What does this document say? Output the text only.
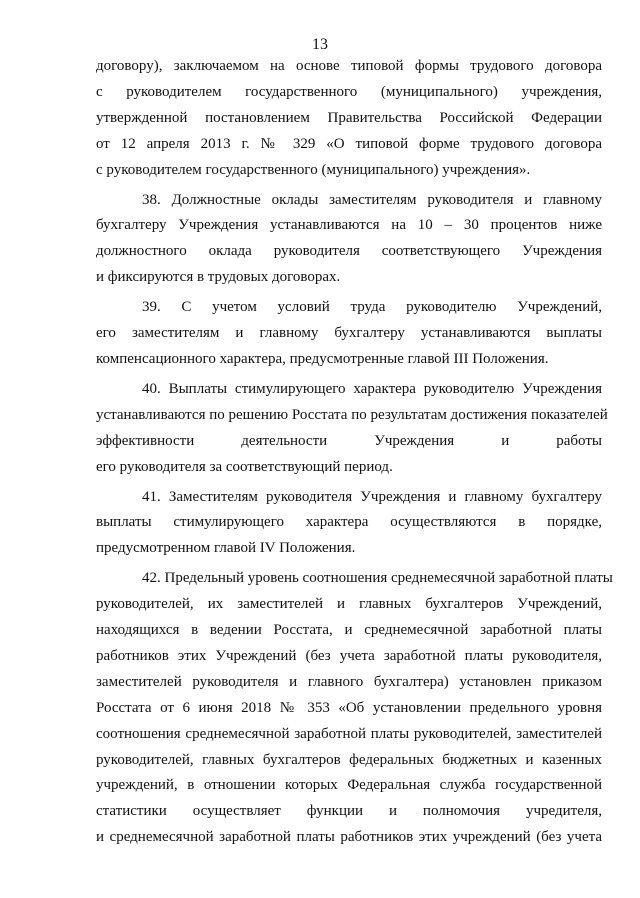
13
договору), заключаемом на основе типовой формы трудового договора
с руководителем государственного (муниципального) учреждения,
утвержденной постановлением Правительства Российской Федерации
от 12 апреля 2013 г. № 329 «О типовой форме трудового договора
с руководителем государственного (муниципального) учреждения».
38. Должностные оклады заместителям руководителя и главному
бухгалтеру Учреждения устанавливаются на 10 – 30 процентов ниже
должностного оклада руководителя соответствующего Учреждения
и фиксируются в трудовых договорах.
39. С учетом условий труда руководителю Учреждений,
его заместителям и главному бухгалтеру устанавливаются выплаты
компенсационного характера, предусмотренные главой III Положения.
40. Выплаты стимулирующего характера руководителю Учреждения
устанавливаются по решению Росстата по результатам достижения показателей
эффективности деятельности Учреждения и работы
его руководителя за соответствующий период.
41. Заместителям руководителя Учреждения и главному бухгалтеру
выплаты стимулирующего характера осуществляются в порядке,
предусмотренном главой IV Положения.
42. Предельный уровень соотношения среднемесячной заработной платы
руководителей, их заместителей и главных бухгалтеров Учреждений,
находящихся в ведении Росстата, и среднемесячной заработной платы
работников этих Учреждений (без учета заработной платы руководителя,
заместителей руководителя и главного бухгалтера) установлен приказом
Росстата от 6 июня 2018 № 353 «Об установлении предельного уровня
соотношения среднемесячной заработной платы руководителей, заместителей
руководителей, главных бухгалтеров федеральных бюджетных и казенных
учреждений, в отношении которых Федеральная служба государственной
статистики осуществляет функции и полномочия учредителя,
и среднемесячной заработной платы работников этих учреждений (без учета
